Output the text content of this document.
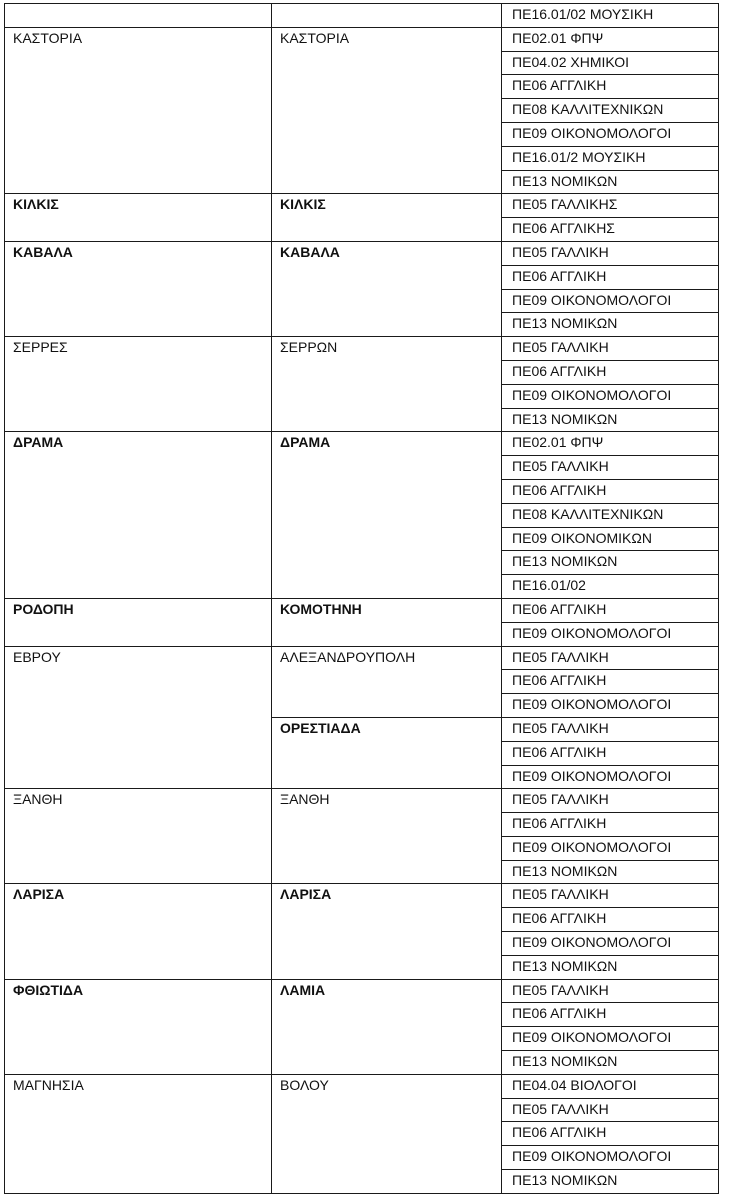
		ΠΕ16.01/02 ΜΟΥΣΙΚΗ
ΚΑΣΤΟΡΙΑ	ΚΑΣΤΟΡΙΑ	ΠΕ02.01 ΦΠΨ
		ΠΕ04.02 ΧΗΜΙΚΟΙ
		ΠΕ06 ΑΓΓΛΙΚΗ
		ΠΕ08 ΚΑΛΛΙΤΕΧΝΙΚΩΝ
		ΠΕ09 ΟΙΚΟΝΟΜΟΛΟΓΟΙ
		ΠΕ16.01/2 ΜΟΥΣΙΚΗ
		ΠΕ13 ΝΟΜΙΚΩΝ
ΚΙΛΚΙΣ	ΚΙΛΚΙΣ	ΠΕ05 ΓΑΛΛΙΚΗΣ
		ΠΕ06 ΑΓΓΛΙΚΗΣ
ΚΑΒΑΛΑ	ΚΑΒΑΛΑ	ΠΕ05 ΓΑΛΛΙΚΗ
		ΠΕ06 ΑΓΓΛΙΚΗ
		ΠΕ09 ΟΙΚΟΝΟΜΟΛΟΓΟΙ
		ΠΕ13 ΝΟΜΙΚΩΝ
ΣΕΡΡΕΣ	ΣΕΡΡΩΝ	ΠΕ05 ΓΑΛΛΙΚΗ
		ΠΕ06 ΑΓΓΛΙΚΗ
		ΠΕ09 ΟΙΚΟΝΟΜΟΛΟΓΟΙ
		ΠΕ13 ΝΟΜΙΚΩΝ
ΔΡΑΜΑ	ΔΡΑΜΑ	ΠΕ02.01 ΦΠΨ
		ΠΕ05 ΓΑΛΛΙΚΗ
		ΠΕ06 ΑΓΓΛΙΚΗ
		ΠΕ08 ΚΑΛΛΙΤΕΧΝΙΚΩΝ
		ΠΕ09 ΟΙΚΟΝΟΜΙΚΩΝ
		ΠΕ13 ΝΟΜΙΚΩΝ
		ΠΕ16.01/02
ΡΟΔΟΠΗ	ΚΟΜΟΤΗΝΗ	ΠΕ06 ΑΓΓΛΙΚΗ
		ΠΕ09 ΟΙΚΟΝΟΜΟΛΟΓΟΙ
ΕΒΡΟΥ	ΑΛΕΞΑΝΔΡΟΥΠΟΛΗ	ΠΕ05 ΓΑΛΛΙΚΗ
		ΠΕ06 ΑΓΓΛΙΚΗ
		ΠΕ09 ΟΙΚΟΝΟΜΟΛΟΓΟΙ
	ΟΡΕΣΤΙΑΔΑ	ΠΕ05 ΓΑΛΛΙΚΗ
		ΠΕ06 ΑΓΓΛΙΚΗ
		ΠΕ09 ΟΙΚΟΝΟΜΟΛΟΓΟΙ
ΞΑΝΘΗ	ΞΑΝΘΗ	ΠΕ05 ΓΑΛΛΙΚΗ
		ΠΕ06 ΑΓΓΛΙΚΗ
		ΠΕ09 ΟΙΚΟΝΟΜΟΛΟΓΟΙ
		ΠΕ13 ΝΟΜΙΚΩΝ
ΛΑΡΙΣΑ	ΛΑΡΙΣΑ	ΠΕ05 ΓΑΛΛΙΚΗ
		ΠΕ06 ΑΓΓΛΙΚΗ
		ΠΕ09 ΟΙΚΟΝΟΜΟΛΟΓΟΙ
		ΠΕ13 ΝΟΜΙΚΩΝ
ΦΘΙΩΤΙΔΑ	ΛΑΜΙΑ	ΠΕ05 ΓΑΛΛΙΚΗ
		ΠΕ06 ΑΓΓΛΙΚΗ
		ΠΕ09 ΟΙΚΟΝΟΜΟΛΟΓΟΙ
		ΠΕ13 ΝΟΜΙΚΩΝ
ΜΑΓΝΗΣΙΑ	ΒΟΛΟΥ	ΠΕ04.04 ΒΙΟΛΟΓΟΙ
		ΠΕ05 ΓΑΛΛΙΚΗ
		ΠΕ06 ΑΓΓΛΙΚΗ
		ΠΕ09 ΟΙΚΟΝΟΜΟΛΟΓΟΙ
		ΠΕ13 ΝΟΜΙΚΩΝ
